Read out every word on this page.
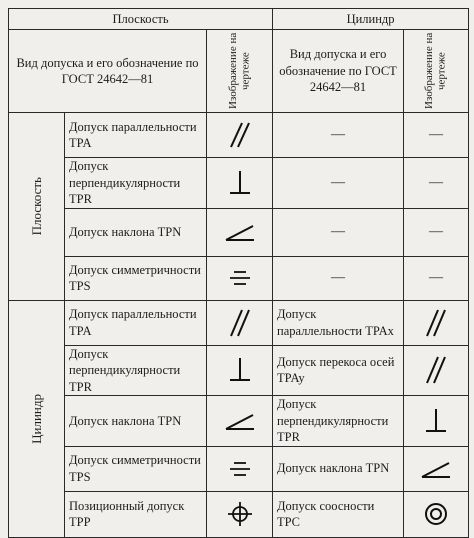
Плоскость			Цилиндр	
Вид допуска и его обозначение по ГОСТ 24642—81		Изображение на чертеже	Вид допуска и его обозначение по ГОСТ 24642—81	Изображение на чертеже

Плоскость	Допуск параллельности TPA		—	—
	Допуск перпендикулярности TPR		—	—
	Допуск наклона TPN		—	—
	Допуск симметричности TPS		—	—

Цилиндр	Допуск параллельности TPA		Допуск параллельности TPAx	

	Допуск перпендикулярности TPR		Допуск перекоса осей TPAy	

	Допуск наклона TPN		Допуск перпендикулярности TPR	

	Допуск симметричности TPS		Допуск наклона TPN	

	Позиционный допуск TPP		Допуск соосности TPC	
